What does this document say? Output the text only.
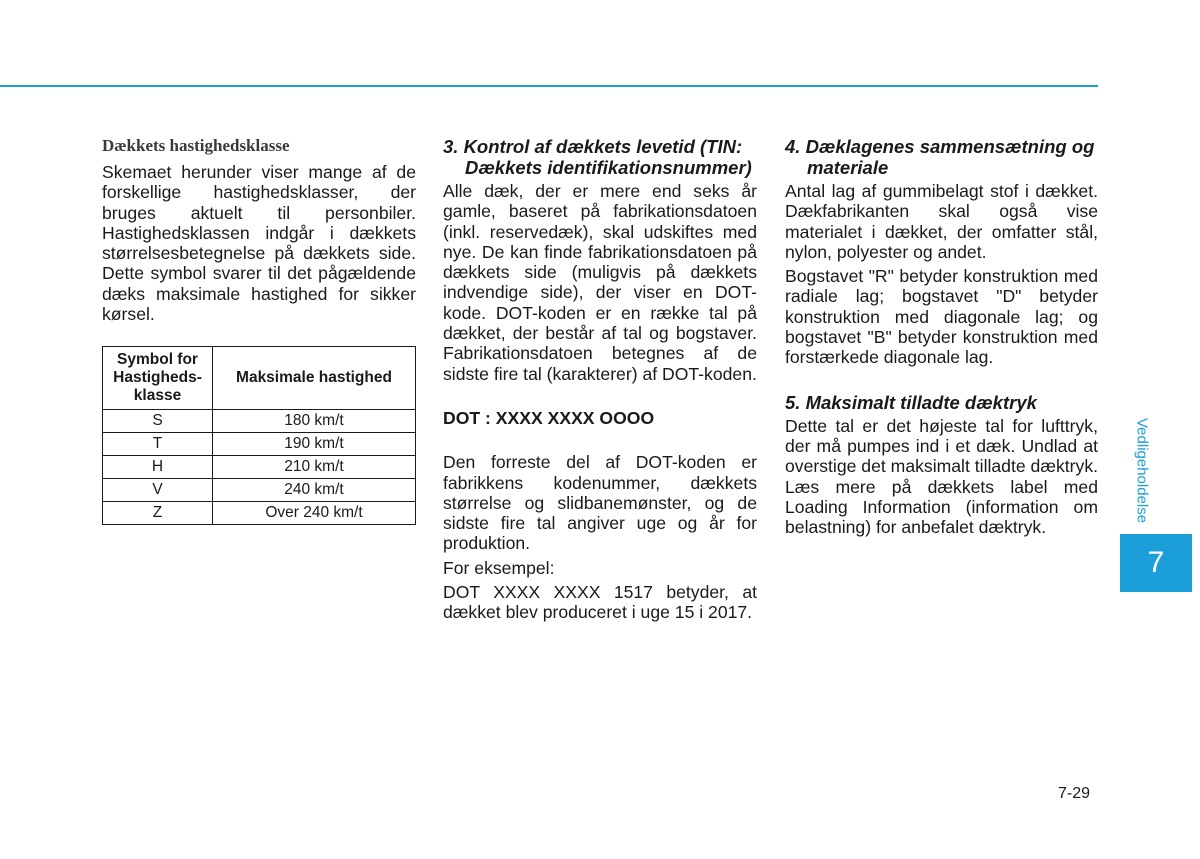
Dækkets hastighedsklasse

Skemaet herunder viser mange af de forskellige hastighedsklasser, der bruges aktuelt til personbiler. Hastighedsklassen indgår i dækkets størrelsesbetegnelse på dækkets side. Dette symbol svarer til det pågældende dæks maksimale hastighed for sikker kørsel.

Symbol for Hastigheds-klasse	Maksimale hastighed
S	180 km/t
T	190 km/t
H	210 km/t
V	240 km/t
Z	Over 240 km/t
3. Kontrol af dækkets levetid (TIN: Dækkets identifikationsnummer)

Alle dæk, der er mere end seks år gamle, baseret på fabrikationsdatoen (inkl. reservedæk), skal udskiftes med nye. De kan finde fabrikationsdatoen på dækkets side (muligvis på dækkets indvendige side), der viser en DOT-kode. DOT-koden er en række tal på dækket, der består af tal og bogstaver. Fabrikationsdatoen betegnes af de sidste fire tal (karakterer) af DOT-koden.

DOT : XXXX XXXX OOOO

Den forreste del af DOT-koden er fabrikkens kodenummer, dækkets størrelse og slidbanemønster, og de sidste fire tal angiver uge og år for produktion.

For eksempel:

DOT XXXX XXXX 1517 betyder, at dækket blev produceret i uge 15 i 2017.

4. Dæklagenes sammensætning og materiale

Antal lag af gummibelagt stof i dækket. Dækfabrikanten skal også vise materialet i dækket, der omfatter stål, nylon, polyester og andet.

Bogstavet "R" betyder konstruktion med radiale lag; bogstavet "D" betyder konstruktion med diagonale lag; og bogstavet "B" betyder konstruktion med forstærkede diagonale lag.

5. Maksimalt tilladte dæktryk

Dette tal er det højeste tal for lufttryk, der må pumpes ind i et dæk. Undlad at overstige det maksimalt tilladte dæktryk. Læs mere på dækkets label med Loading Information (information om belastning) for anbefalet dæktryk.

Vedligeholdelse
7
7-29
